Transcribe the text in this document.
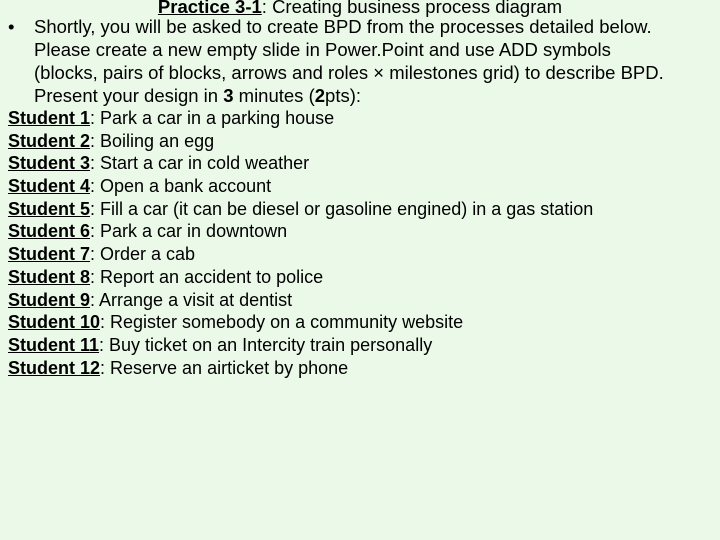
Practice 3-1: Creating business process diagram
•	Shortly, you will be asked to create BPD from the processes detailed below.
Please create a new empty slide in Power.Point and use ADD symbols
(blocks, pairs of blocks, arrows and roles × milestones grid) to describe BPD.
Present your design in 3 minutes (2pts):
Student 1: Park a car in a parking house
Student 2: Boiling an egg
Student 3: Start a car in cold weather
Student 4: Open a bank account
Student 5: Fill a car (it can be diesel or gasoline engined) in a gas station
Student 6: Park a car in downtown
Student 7: Order a cab
Student 8: Report an accident to police
Student 9: Arrange a visit at dentist
Student 10: Register somebody on a community website
Student 11: Buy ticket on an Intercity train personally
Student 12: Reserve an airticket by phone
